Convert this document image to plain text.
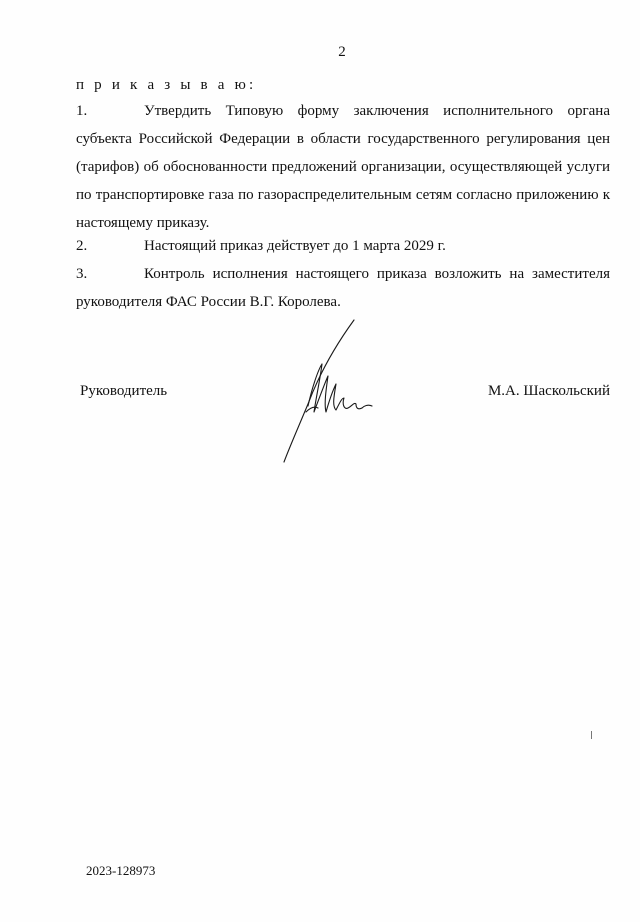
2
п р и к а з ы в а ю:
1.	Утвердить Типовую форму заключения исполнительного органа субъекта Российской Федерации в области государственного регулирования цен (тарифов) об обоснованности предложений организации, осуществляющей услуги по транспортировке газа по газораспределительным сетям согласно приложению к настоящему приказу.
2.	Настоящий приказ действует до 1 марта 2029 г.
3.	Контроль исполнения настоящего приказа возложить на заместителя руководителя ФАС России В.Г. Королева.
Руководитель	М.А. Шаскольский
2023-128973
